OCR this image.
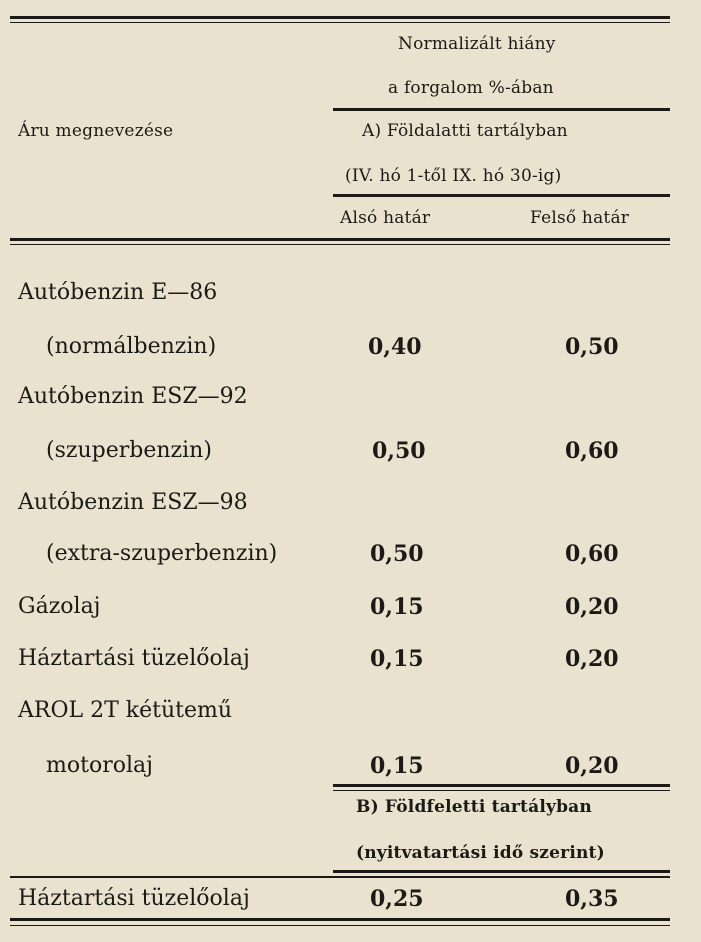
Normalizált hiány
a forgalom %-ában
Áru megnevezése	A) Földalatti tartályban
(IV. hó 1-től IX. hó 30-ig)
Alsó határ	Felső határ
Autóbenzin E—86
(normálbenzin)	0,40	0,50
Autóbenzin ESZ—92
(szuperbenzin)	0,50	0,60
Autóbenzin ESZ—98
(extra-szuperbenzin)	0,50	0,60
Gázolaj	0,15	0,20
Háztartási tüzelőolaj	0,15	0,20
AROL 2T kétütemű
motorolaj	0,15	0,20
B) Földfeletti tartályban
(nyitvatartási idő szerint)
Háztartási tüzelőolaj	0,25	0,35
